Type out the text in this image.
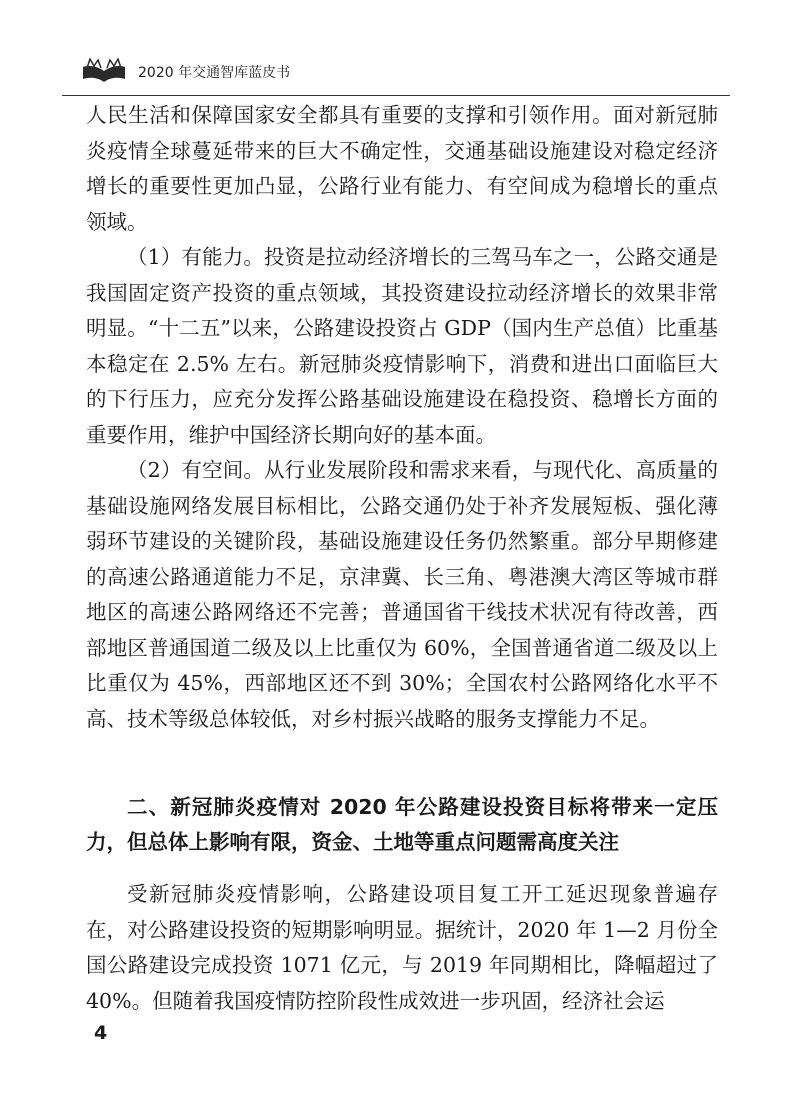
2020 年交通智库蓝皮书

人民生活和保障国家安全都具有重要的支撑和引领作用。面对新冠肺炎疫情全球蔓延带来的巨大不确定性，交通基础设施建设对稳定经济增长的重要性更加凸显，公路行业有能力、有空间成为稳增长的重点领域。

（1）有能力。投资是拉动经济增长的三驾马车之一，公路交通是我国固定资产投资的重点领域，其投资建设拉动经济增长的效果非常明显。“十二五”以来，公路建设投资占 GDP（国内生产总值）比重基本稳定在 2.5% 左右。新冠肺炎疫情影响下，消费和进出口面临巨大的下行压力，应充分发挥公路基础设施建设在稳投资、稳增长方面的重要作用，维护中国经济长期向好的基本面。

（2）有空间。从行业发展阶段和需求来看，与现代化、高质量的基础设施网络发展目标相比，公路交通仍处于补齐发展短板、强化薄弱环节建设的关键阶段，基础设施建设任务仍然繁重。部分早期修建的高速公路通道能力不足，京津冀、长三角、粤港澳大湾区等城市群地区的高速公路网络还不完善；普通国省干线技术状况有待改善，西部地区普通国道二级及以上比重仅为 60%，全国普通省道二级及以上比重仅为 45%，西部地区还不到 30%；全国农村公路网络化水平不高、技术等级总体较低，对乡村振兴战略的服务支撑能力不足。

二、新冠肺炎疫情对 2020 年公路建设投资目标将带来一定压力，但总体上影响有限，资金、土地等重点问题需高度关注

受新冠肺炎疫情影响，公路建设项目复工开工延迟现象普遍存在，对公路建设投资的短期影响明显。据统计，2020 年 1—2 月份全国公路建设完成投资 1071 亿元，与 2019 年同期相比，降幅超过了 40%。但随着我国疫情防控阶段性成效进一步巩固，经济社会运

4
